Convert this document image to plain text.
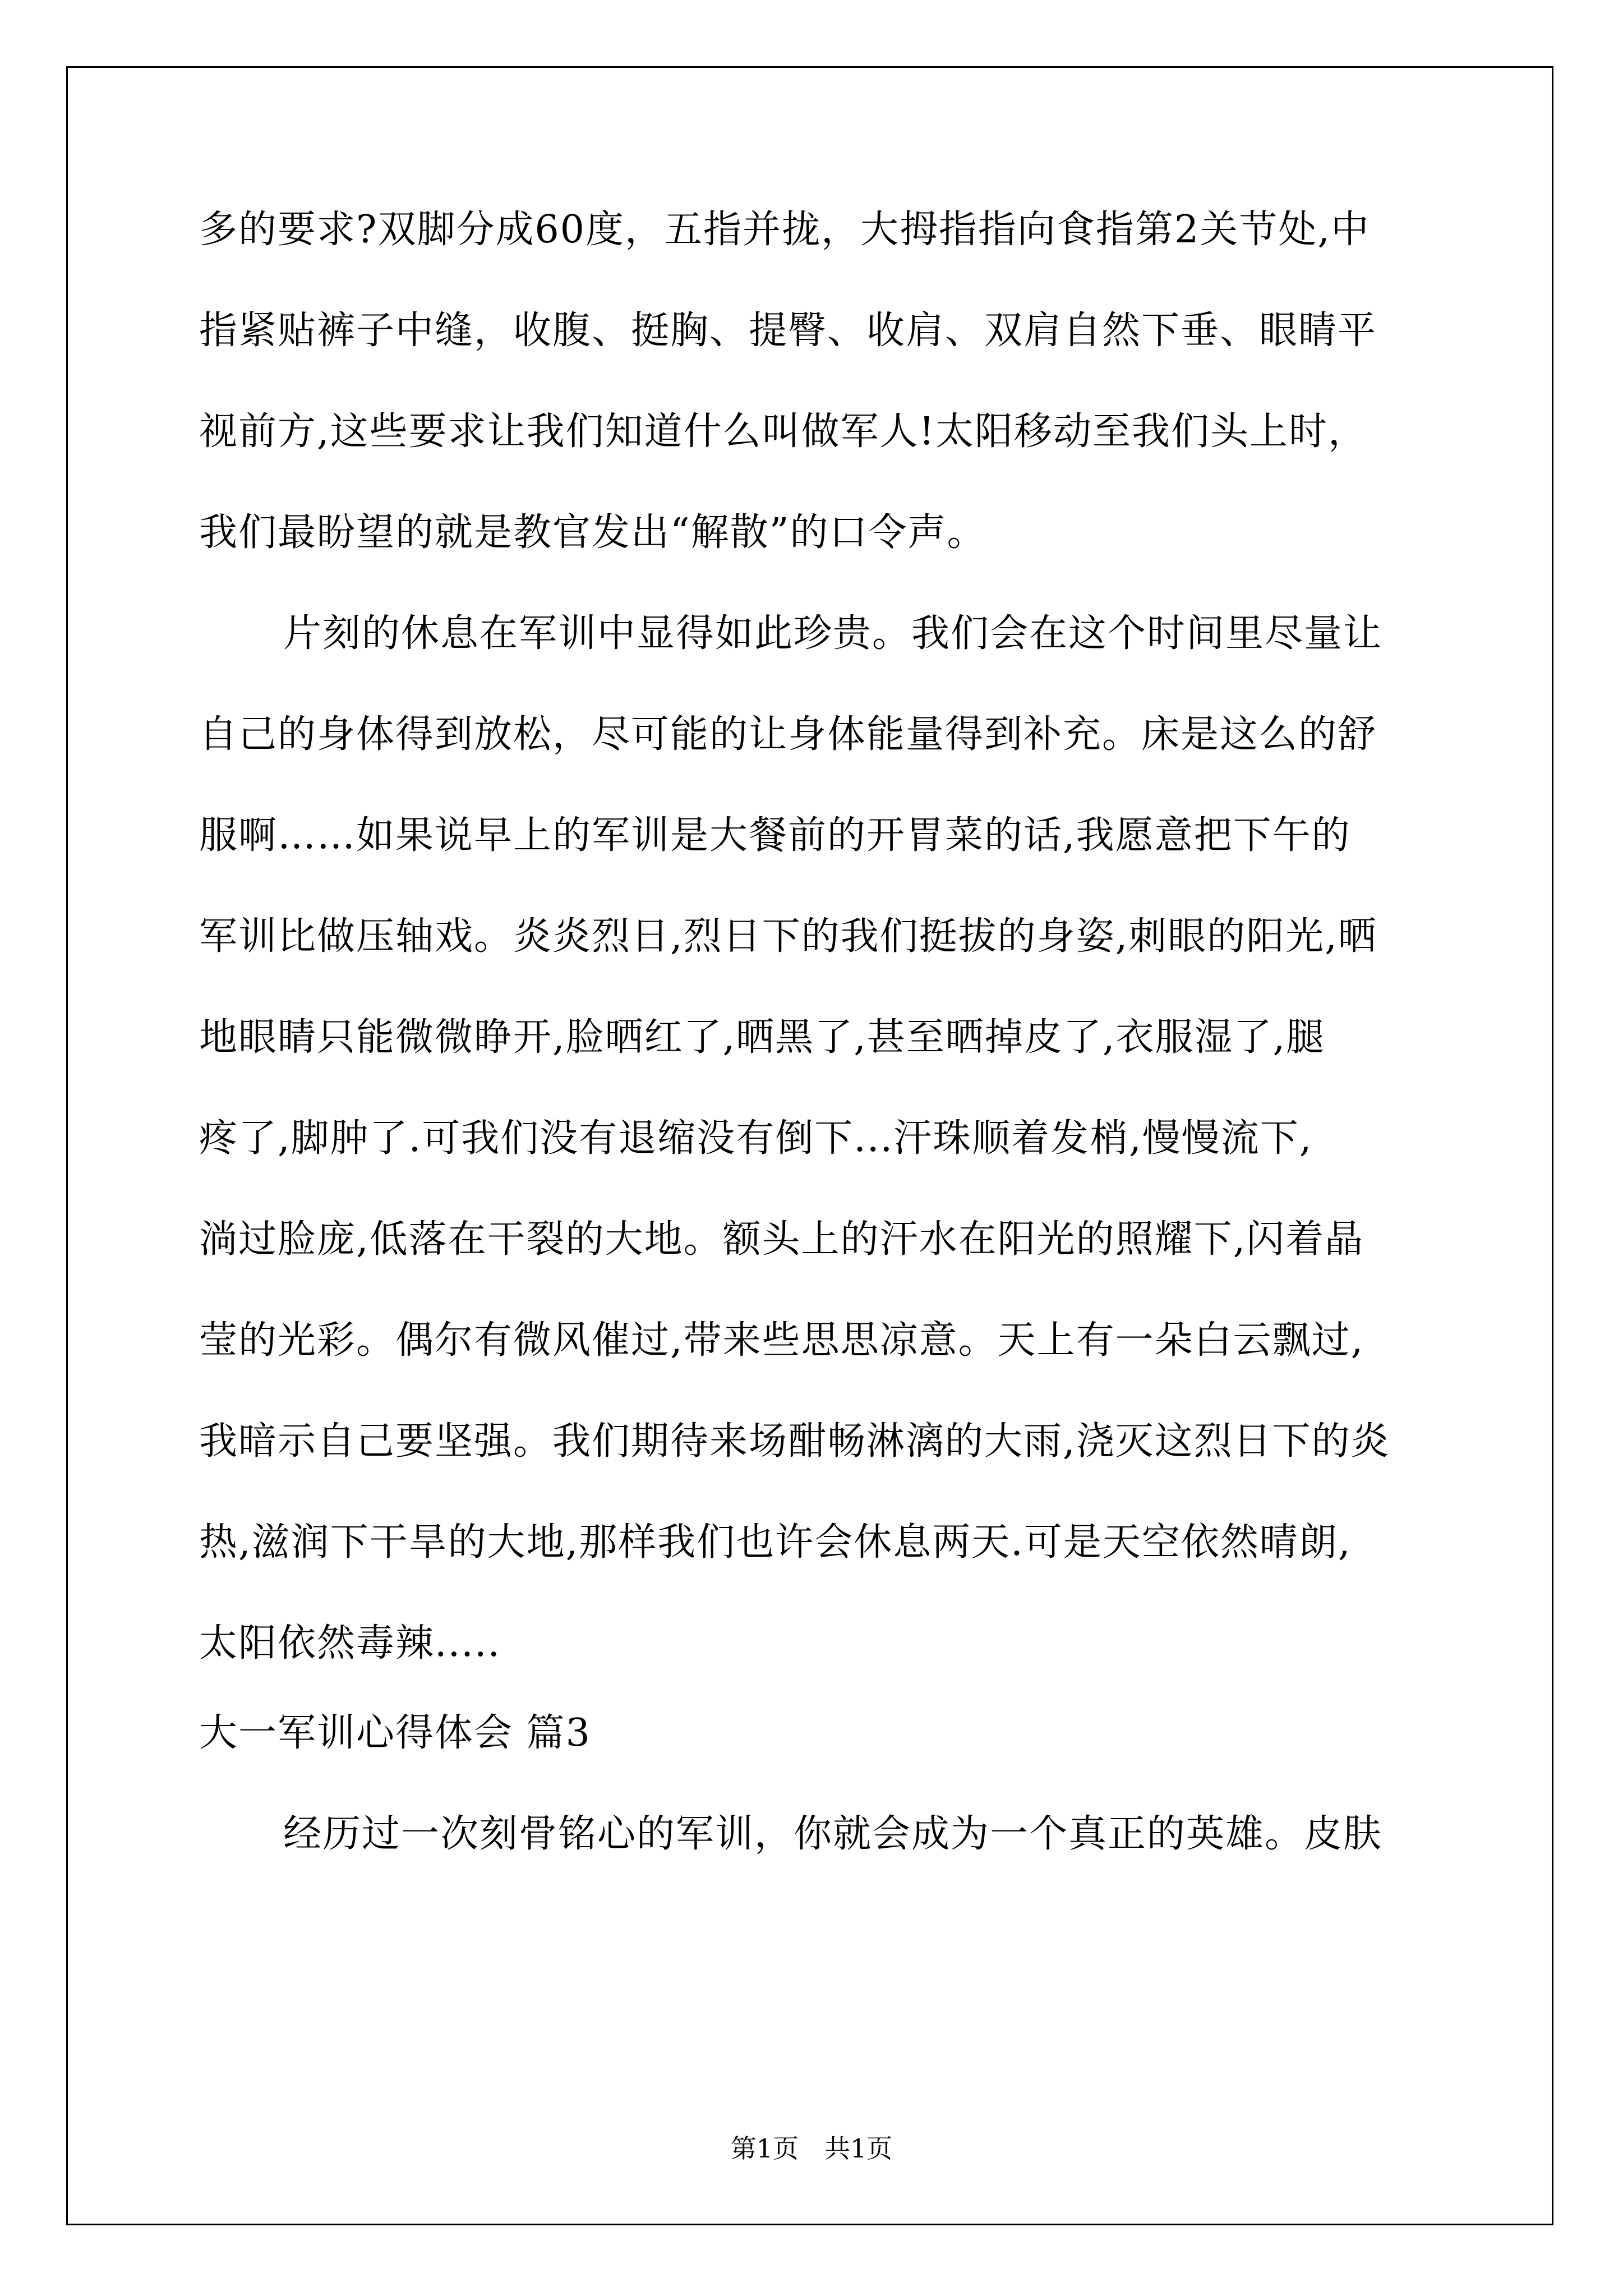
多的要求?双脚分成60度，五指并拢，大拇指指向食指第2关节处,中
指紧贴裤子中缝，收腹、挺胸、提臀、收肩、双肩自然下垂、眼睛平
视前方,这些要求让我们知道什么叫做军人!太阳移动至我们头上时，
我们最盼望的就是教官发出“解散”的口令声。
片刻的休息在军训中显得如此珍贵。我们会在这个时间里尽量让
自己的身体得到放松，尽可能的让身体能量得到补充。床是这么的舒
服啊……如果说早上的军训是大餐前的开胃菜的话,我愿意把下午的
军训比做压轴戏。炎炎烈日,烈日下的我们挺拔的身姿,刺眼的阳光,晒
地眼睛只能微微睁开,脸晒红了,晒黑了,甚至晒掉皮了,衣服湿了,腿
疼了,脚肿了.可我们没有退缩没有倒下...汗珠顺着发梢,慢慢流下,
淌过脸庞,低落在干裂的大地。额头上的汗水在阳光的照耀下,闪着晶
莹的光彩。偶尔有微风催过,带来些思思凉意。天上有一朵白云飘过,
我暗示自己要坚强。我们期待来场酣畅淋漓的大雨,浇灭这烈日下的炎
热,滋润下干旱的大地,那样我们也许会休息两天.可是天空依然晴朗,
太阳依然毒辣.....
大一军训心得体会 篇3
经历过一次刻骨铭心的军训，你就会成为一个真正的英雄。皮肤
第1页　共1页
